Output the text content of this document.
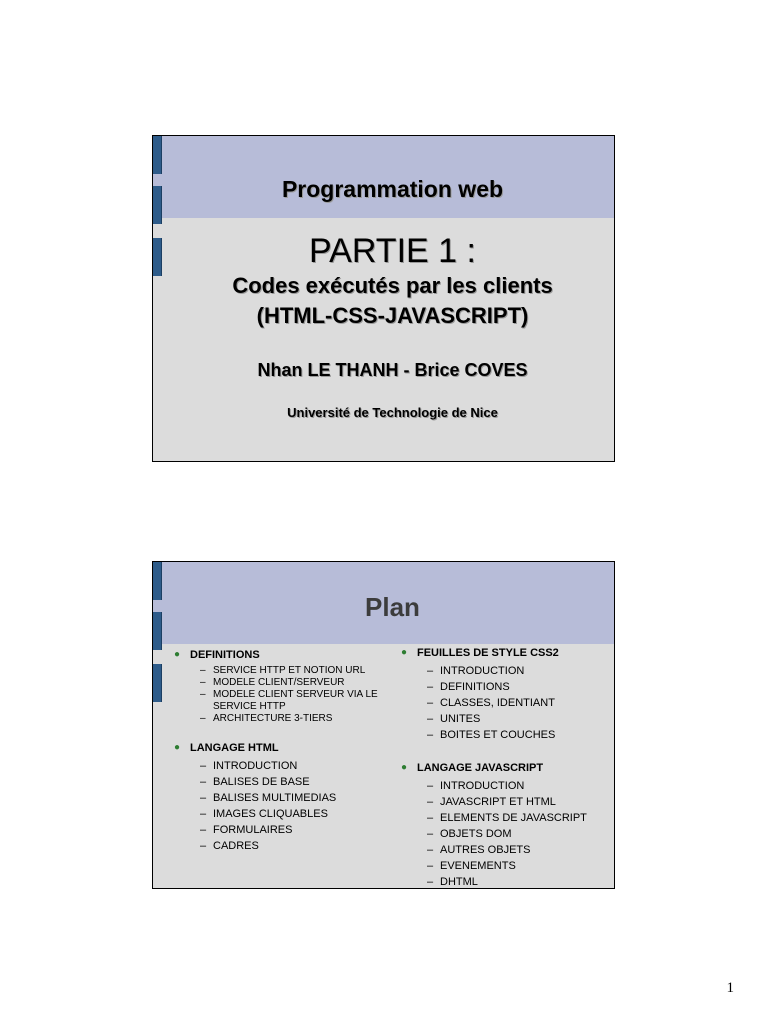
Programmation web
PARTIE 1 :
Codes exécutés par les clients
(HTML-CSS-JAVASCRIPT)
Nhan LE THANH - Brice COVES
Université de Technologie de Nice
Plan
● DEFINITIONS
– SERVICE HTTP ET NOTION URL
– MODELE CLIENT/SERVEUR
– MODELE CLIENT SERVEUR VIA LE SERVICE HTTP
– ARCHITECTURE 3-TIERS
● LANGAGE HTML
– INTRODUCTION
– BALISES DE BASE
– BALISES MULTIMEDIAS
– IMAGES CLIQUABLES
– FORMULAIRES
– CADRES
● FEUILLES DE STYLE CSS2
– INTRODUCTION
– DEFINITIONS
– CLASSES, IDENTIANT
– UNITES
– BOITES ET COUCHES
● LANGAGE JAVASCRIPT
– INTRODUCTION
– JAVASCRIPT ET HTML
– ELEMENTS DE JAVASCRIPT
– OBJETS DOM
– AUTRES OBJETS
– EVENEMENTS
– DHTML
1
